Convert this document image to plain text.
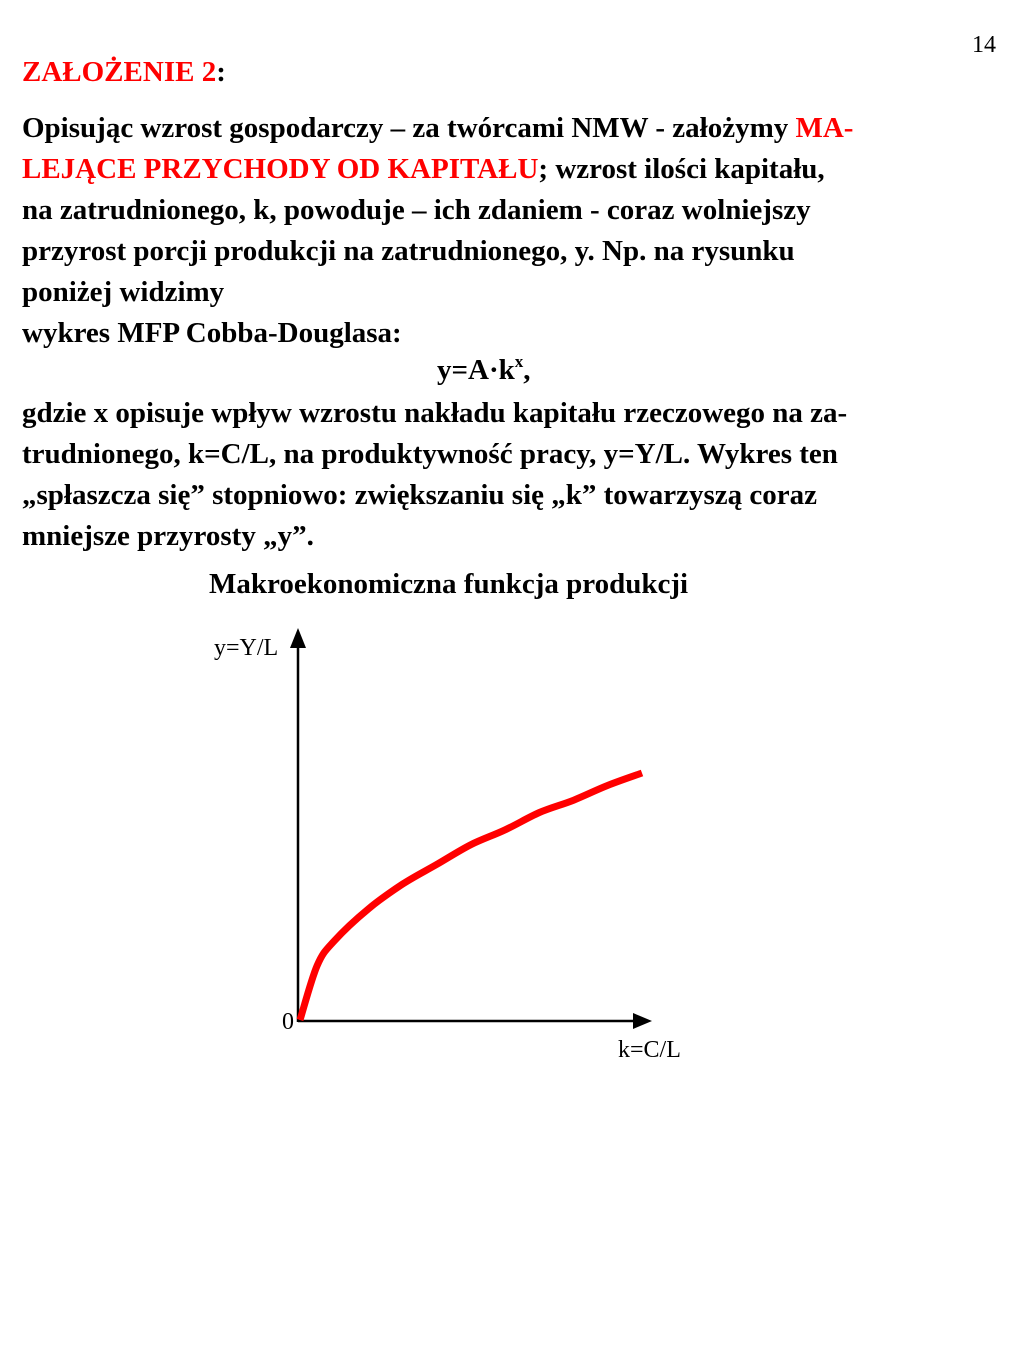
14
ZAŁOŻENIE 2:
Opisując wzrost gospodarczy – za twórcami NMW - założymy MA-
LEJĄCE PRZYCHODY OD KAPITAŁU; wzrost ilości kapitału,
na zatrudnionego, k, powoduje – ich zdaniem - coraz wolniejszy
przyrost porcji produkcji na zatrudnionego, y. Np. na rysunku
poniżej widzimy
wykres MFP Cobba-Douglasa:
$y=A\cdot k^x$,
gdzie x opisuje wpływ wzrostu nakładu kapitału rzeczowego na za-
trudnionego, k=C/L, na produktywność pracy, y=Y/L. Wykres ten
„spłaszcza się” stopniowo: zwiększaniu się „k” towarzyszą coraz
mniejsze przyrosty „y”.
Makroekonomiczna funkcja produkcji
y=Y/L
k=C/L
0
